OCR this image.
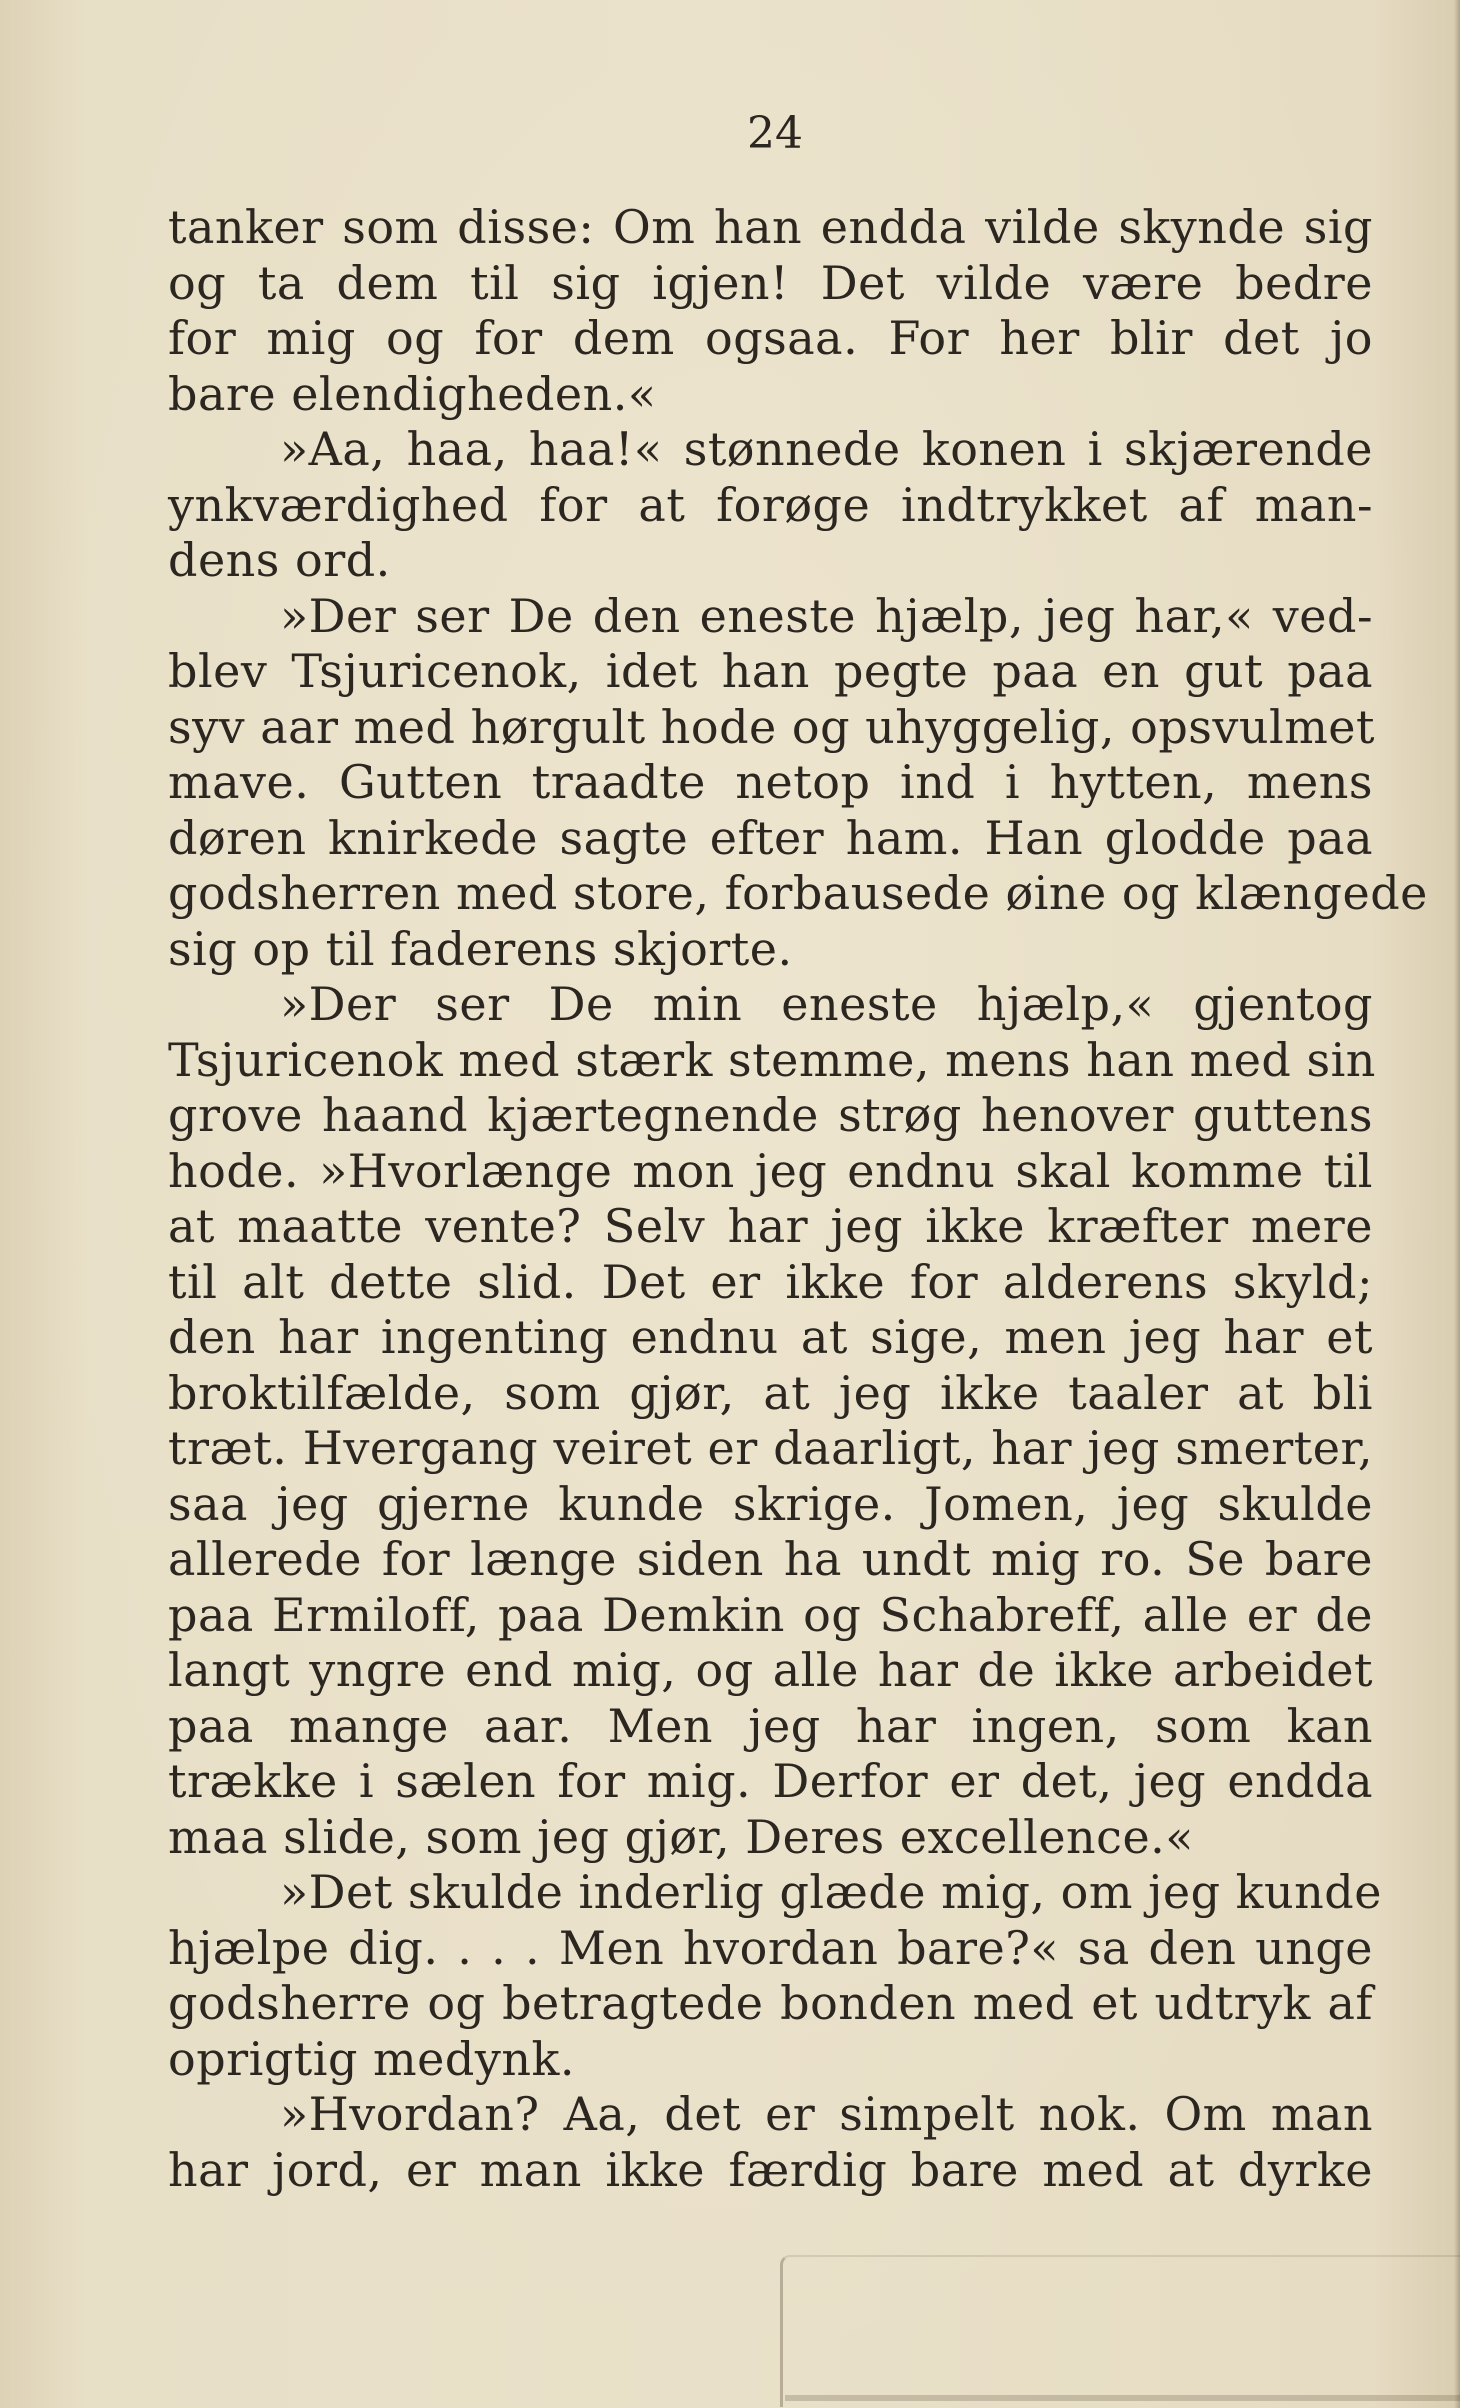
24
tanker som disse: Om han endda vilde skynde sig
og ta dem til sig igjen! Det vilde være bedre
for mig og for dem ogsaa. For her blir det jo
bare elendigheden.«
»Aa, haa, haa!« stønnede konen i skjærende
ynkværdighed for at forøge indtrykket af man-
dens ord.
»Der ser De den eneste hjælp, jeg har,« ved-
blev Tsjuricenok, idet han pegte paa en gut paa
syv aar med hørgult hode og uhyggelig, opsvulmet
mave. Gutten traadte netop ind i hytten, mens
døren knirkede sagte efter ham. Han glodde paa
godsherren med store, forbausede øine og klængede
sig op til faderens skjorte.
»Der ser De min eneste hjælp,« gjentog
Tsjuricenok med stærk stemme, mens han med sin
grove haand kjærtegnende strøg henover guttens
hode. »Hvorlænge mon jeg endnu skal komme til
at maatte vente? Selv har jeg ikke kræfter mere
til alt dette slid. Det er ikke for alderens skyld;
den har ingenting endnu at sige, men jeg har et
broktilfælde, som gjør, at jeg ikke taaler at bli
træt. Hvergang veiret er daarligt, har jeg smerter,
saa jeg gjerne kunde skrige. Jomen, jeg skulde
allerede for længe siden ha undt mig ro. Se bare
paa Ermiloff, paa Demkin og Schabreff, alle er de
langt yngre end mig, og alle har de ikke arbeidet
paa mange aar. Men jeg har ingen, som kan
trække i sælen for mig. Derfor er det, jeg endda
maa slide, som jeg gjør, Deres excellence.«
»Det skulde inderlig glæde mig, om jeg kunde
hjælpe dig. . . . Men hvordan bare?« sa den unge
godsherre og betragtede bonden med et udtryk af
oprigtig medynk.
»Hvordan? Aa, det er simpelt nok. Om man
har jord, er man ikke færdig bare med at dyrke
